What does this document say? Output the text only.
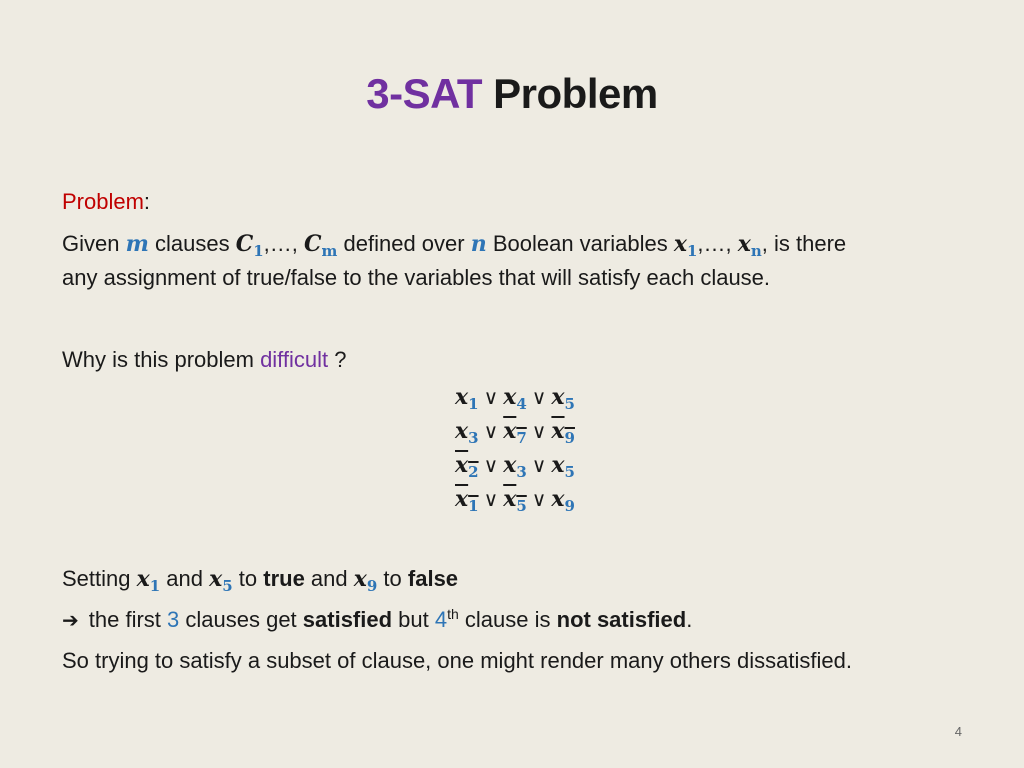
3-SAT Problem
Problem:
Given m clauses $C_1,\dots$, $C_m$ defined over n Boolean variables $x_1,\dots$, $x_n$, is there
any assignment of true/false to the variables that will satisfy each clause.
Why is this problem difficult ?
$x_1$ ∨ $x_4$ ∨ $x_5$
$x_3$ ∨ $x_7$ ∨ $x_9$
$x_2$ ∨ $x_3$ ∨ $x_5$
$x_1$ ∨ $x_5$ ∨ $x_9$
Setting $x_1$ and $x_5$ to true and $x_9$ to false
➔ the first 3 clauses get satisfied but 4th clause is not satisfied.
So trying to satisfy a subset of clause, one might render many others dissatisfied.
4
